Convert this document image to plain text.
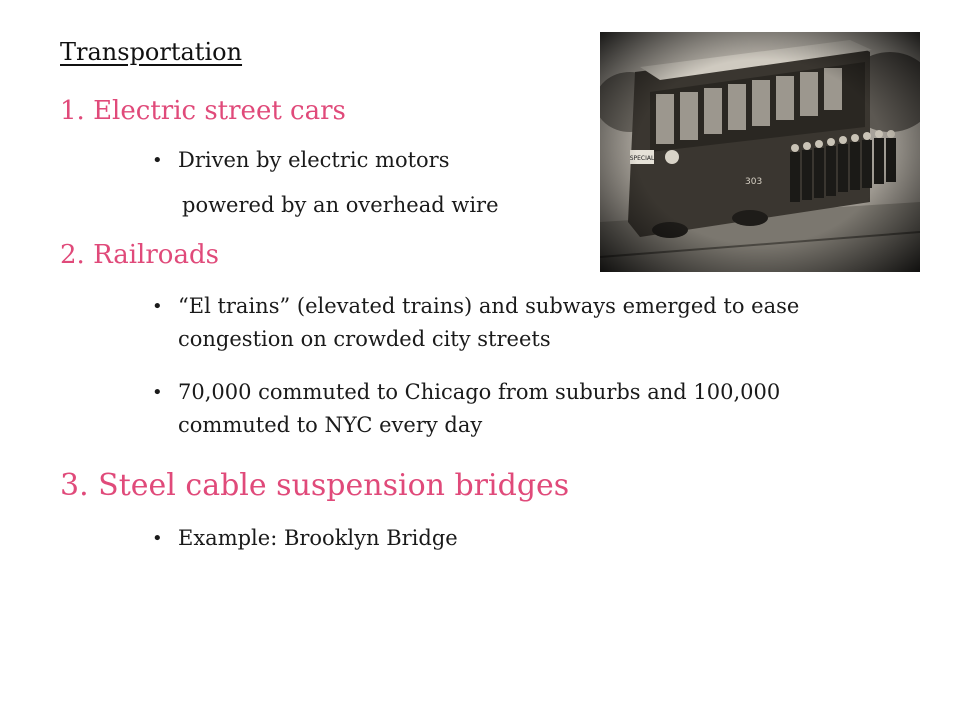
Transportation
1. Electric street cars
• Driven by electric motors
powered by an overhead wire
2. Railroads
• “El trains” (elevated trains) and subways emerged to ease congestion on crowded city streets
• 70,000 commuted to Chicago from suburbs and 100,000 commuted to NYC every day
3. Steel cable suspension bridges
• Example: Brooklyn Bridge
